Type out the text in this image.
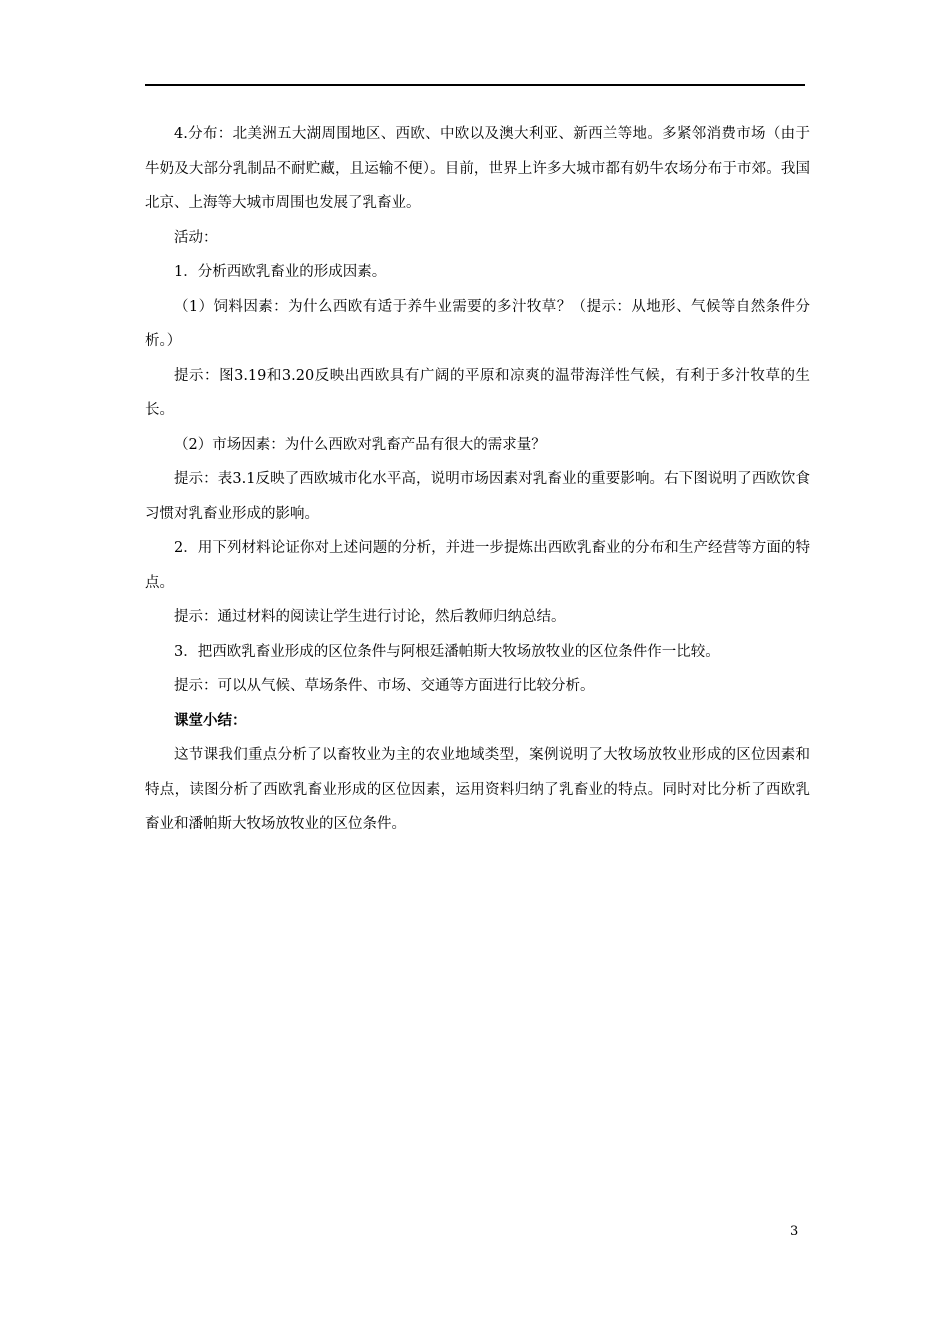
4.分布：北美洲五大湖周围地区、西欧、中欧以及澳大利亚、新西兰等地。多紧邻消费市场（由于牛奶及大部分乳制品不耐贮藏，且运输不便）。目前，世界上许多大城市都有奶牛农场分布于市郊。我国北京、上海等大城市周围也发展了乳畜业。

活动：

1．分析西欧乳畜业的形成因素。

（1）饲料因素：为什么西欧有适于养牛业需要的多汁牧草？（提示：从地形、气候等自然条件分析。）

提示：图3.19和3.20反映出西欧具有广阔的平原和凉爽的温带海洋性气候，有利于多汁牧草的生长。

（2）市场因素：为什么西欧对乳畜产品有很大的需求量？

提示：表3.1反映了西欧城市化水平高，说明市场因素对乳畜业的重要影响。右下图说明了西欧饮食习惯对乳畜业形成的影响。

2．用下列材料论证你对上述问题的分析，并进一步提炼出西欧乳畜业的分布和生产经营等方面的特点。

提示：通过材料的阅读让学生进行讨论，然后教师归纳总结。

3．把西欧乳畜业形成的区位条件与阿根廷潘帕斯大牧场放牧业的区位条件作一比较。

提示：可以从气候、草场条件、市场、交通等方面进行比较分析。

课堂小结：

这节课我们重点分析了以畜牧业为主的农业地域类型，案例说明了大牧场放牧业形成的区位因素和特点，读图分析了西欧乳畜业形成的区位因素，运用资料归纳了乳畜业的特点。同时对比分析了西欧乳畜业和潘帕斯大牧场放牧业的区位条件。

3
